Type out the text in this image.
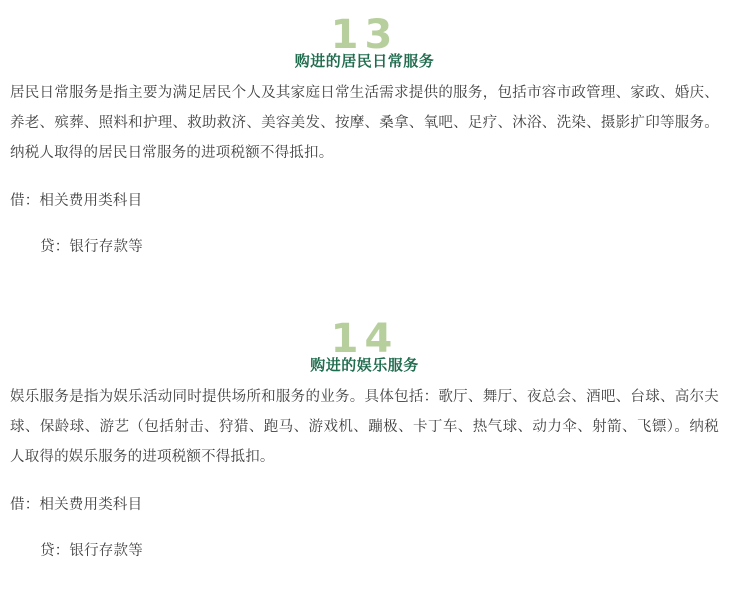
13
购进的居民日常服务

居民日常服务是指主要为满足居民个人及其家庭日常生活需求提供的服务，包括市容市政管理、家政、婚庆、养老、殡葬、照料和护理、救助救济、美容美发、按摩、桑拿、氧吧、足疗、沐浴、洗染、摄影扩印等服务。纳税人取得的居民日常服务的进项税额不得抵扣。

借：相关费用类科目

贷：银行存款等

14
购进的娱乐服务

娱乐服务是指为娱乐活动同时提供场所和服务的业务。具体包括：歌厅、舞厅、夜总会、酒吧、台球、高尔夫球、保龄球、游艺（包括射击、狩猎、跑马、游戏机、蹦极、卡丁车、热气球、动力伞、射箭、飞镖）。纳税人取得的娱乐服务的进项税额不得抵扣。

借：相关费用类科目

贷：银行存款等
